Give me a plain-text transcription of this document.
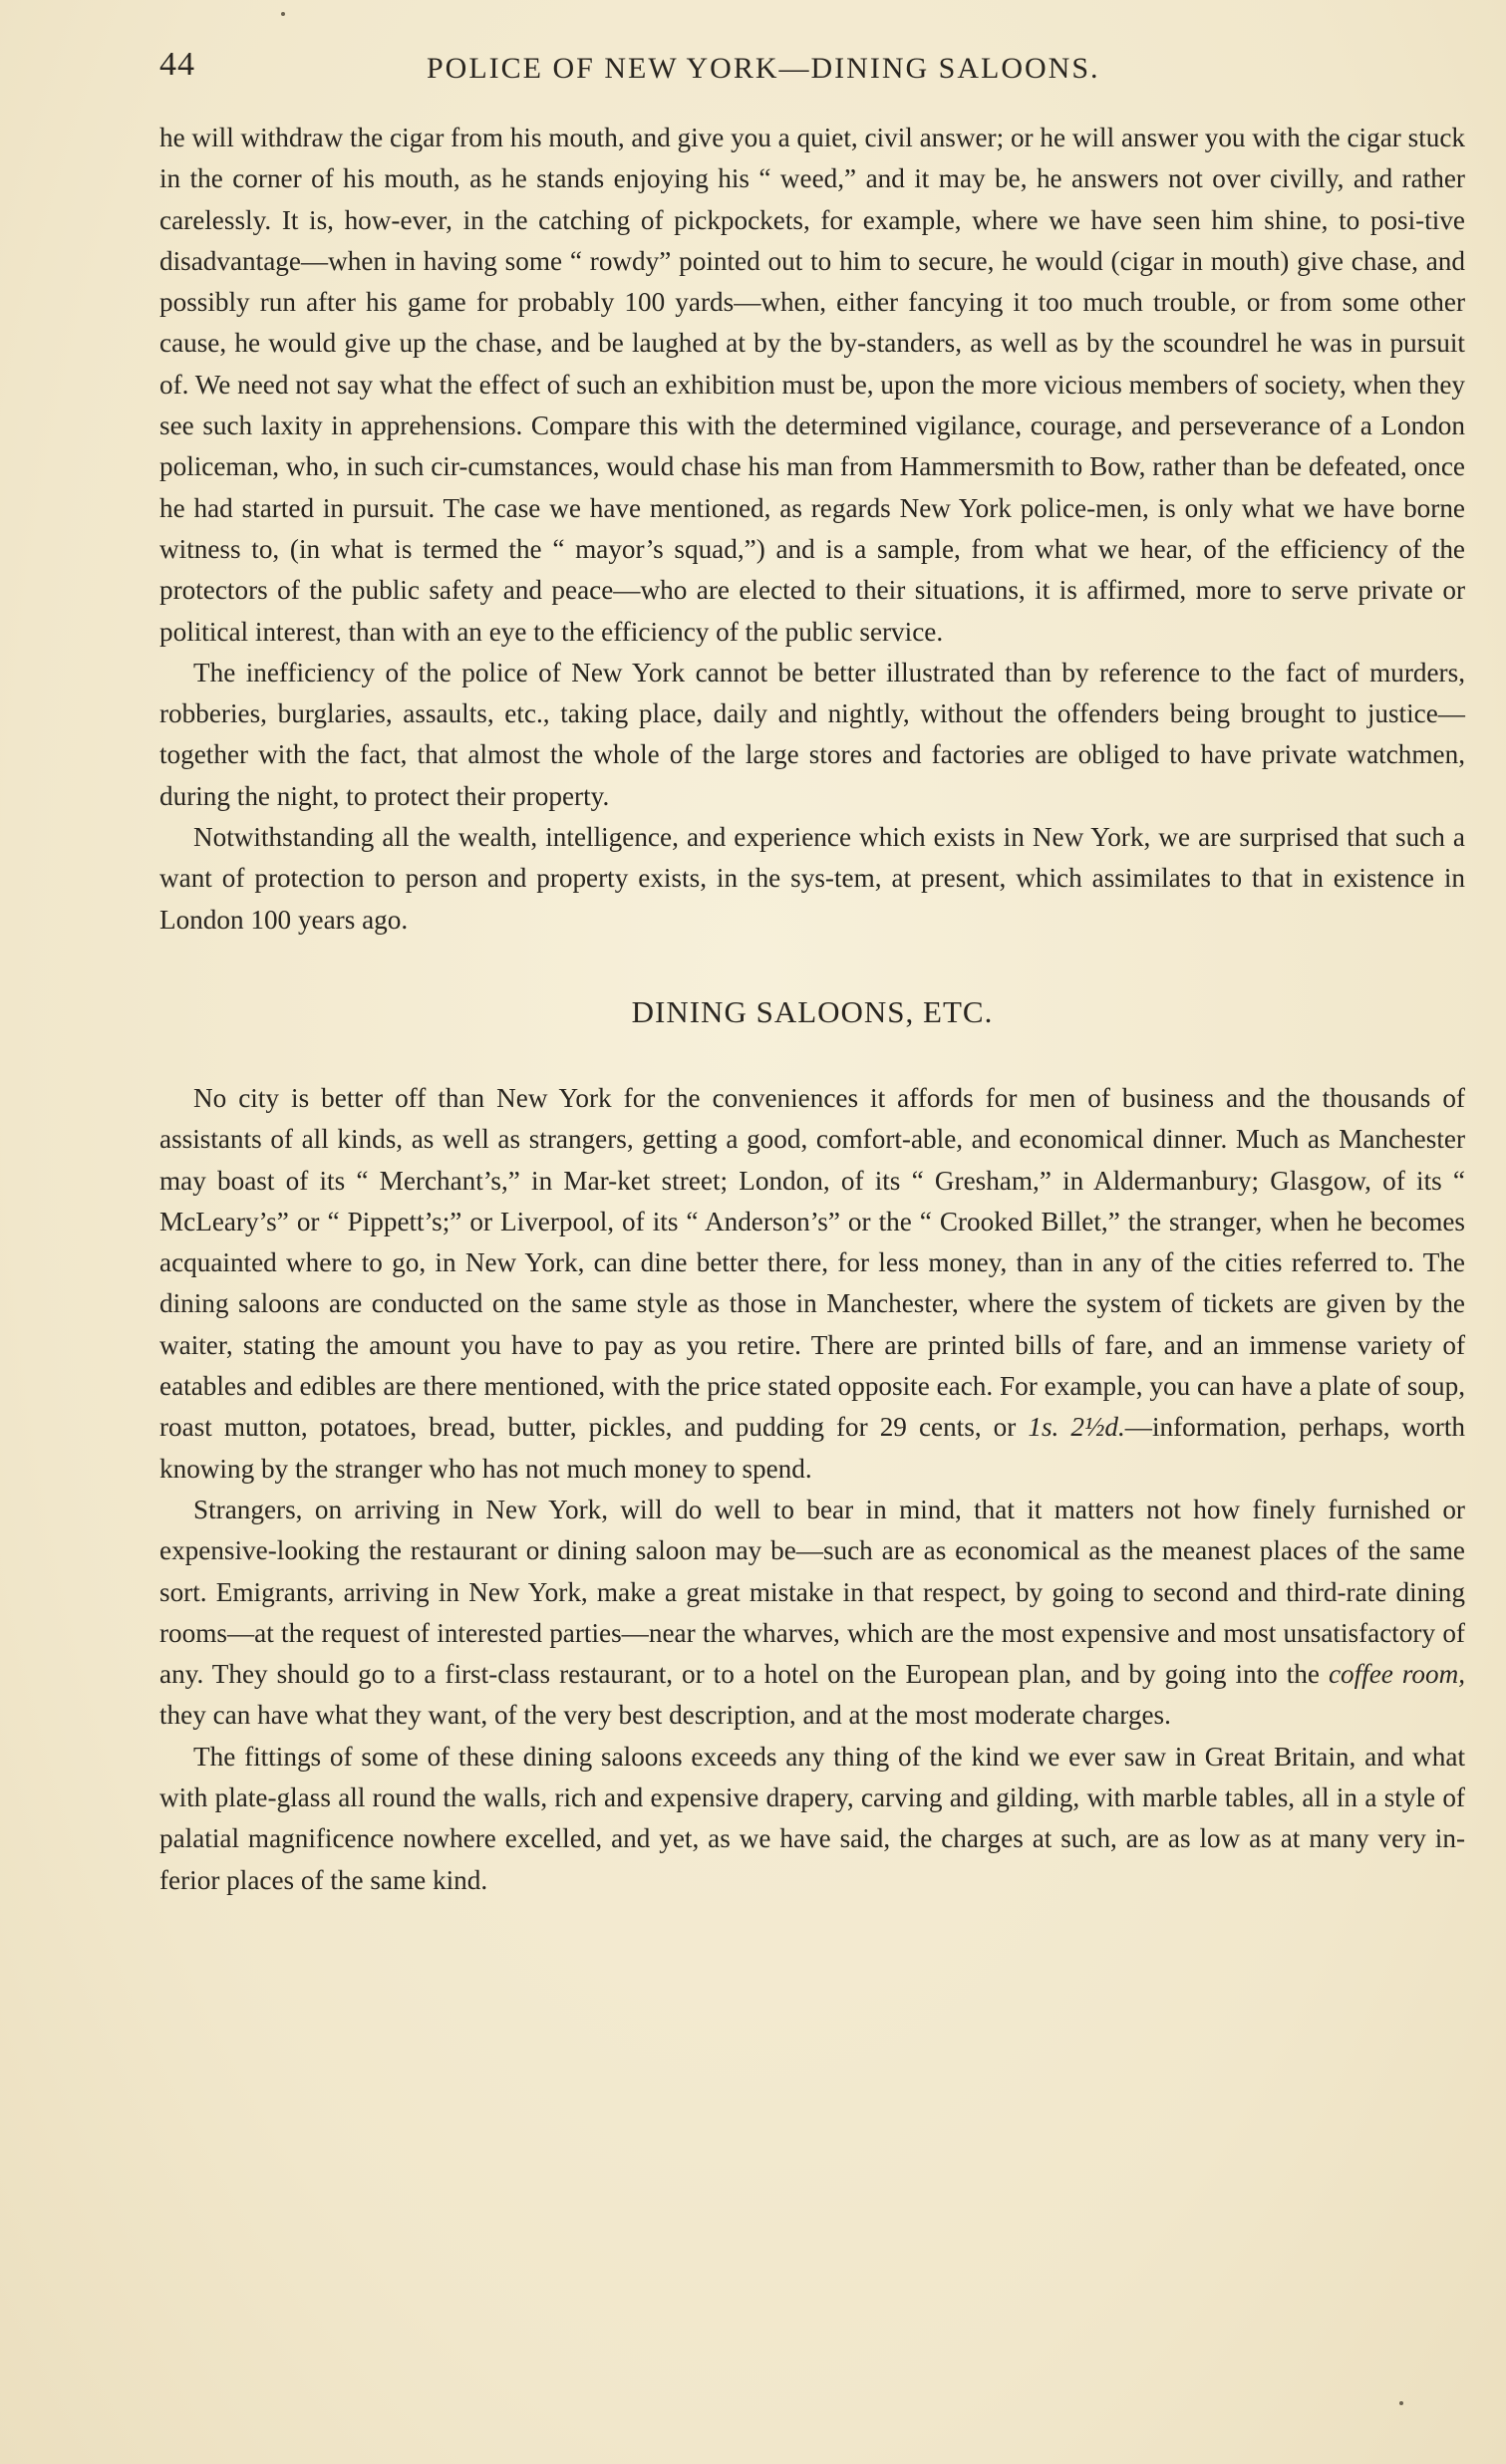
44	POLICE OF NEW YORK—DINING SALOONS.

he will withdraw the cigar from his mouth, and give you a quiet, civil answer; or he will answer you with the cigar stuck in the corner of his mouth, as he stands enjoying his “ weed,” and it may be, he answers not over civilly, and rather carelessly. It is, how-ever, in the catching of pickpockets, for example, where we have seen him shine, to posi-tive disadvantage—when in having some “ rowdy” pointed out to him to secure, he would (cigar in mouth) give chase, and possibly run after his game for probably 100 yards—when, either fancying it too much trouble, or from some other cause, he would give up the chase, and be laughed at by the by-standers, as well as by the scoundrel he was in pursuit of. We need not say what the effect of such an exhibition must be, upon the more vicious members of society, when they see such laxity in apprehensions. Compare this with the determined vigilance, courage, and perseverance of a London policeman, who, in such cir-cumstances, would chase his man from Hammersmith to Bow, rather than be defeated, once he had started in pursuit. The case we have mentioned, as regards New York police-men, is only what we have borne witness to, (in what is termed the “ mayor’s squad,”) and is a sample, from what we hear, of the efficiency of the protectors of the public safety and peace—who are elected to their situations, it is affirmed, more to serve private or political interest, than with an eye to the efficiency of the public service.

The inefficiency of the police of New York cannot be better illustrated than by reference to the fact of murders, robberies, burglaries, assaults, etc., taking place, daily and nightly, without the offenders being brought to justice—together with the fact, that almost the whole of the large stores and factories are obliged to have private watchmen, during the night, to protect their property.

Notwithstanding all the wealth, intelligence, and experience which exists in New York, we are surprised that such a want of protection to person and property exists, in the sys-tem, at present, which assimilates to that in existence in London 100 years ago.

DINING SALOONS, ETC.

No city is better off than New York for the conveniences it affords for men of business and the thousands of assistants of all kinds, as well as strangers, getting a good, comfort-able, and economical dinner. Much as Manchester may boast of its “ Merchant’s,” in Mar-ket street; London, of its “ Gresham,” in Aldermanbury; Glasgow, of its “ McLeary’s” or “ Pippett’s;” or Liverpool, of its “ Anderson’s” or the “ Crooked Billet,” the stranger, when he becomes acquainted where to go, in New York, can dine better there, for less money, than in any of the cities referred to. The dining saloons are conducted on the same style as those in Manchester, where the system of tickets are given by the waiter, stating the amount you have to pay as you retire. There are printed bills of fare, and an immense variety of eatables and edibles are there mentioned, with the price stated opposite each. For example, you can have a plate of soup, roast mutton, potatoes, bread, butter, pickles, and pudding for 29 cents, or 1s. 2½d.—information, perhaps, worth knowing by the stranger who has not much money to spend.

Strangers, on arriving in New York, will do well to bear in mind, that it matters not how finely furnished or expensive-looking the restaurant or dining saloon may be—such are as economical as the meanest places of the same sort. Emigrants, arriving in New York, make a great mistake in that respect, by going to second and third-rate dining rooms—at the request of interested parties—near the wharves, which are the most expensive and most unsatisfactory of any. They should go to a first-class restaurant, or to a hotel on the European plan, and by going into the coffee room, they can have what they want, of the very best description, and at the most moderate charges.

The fittings of some of these dining saloons exceeds any thing of the kind we ever saw in Great Britain, and what with plate-glass all round the walls, rich and expensive drapery, carving and gilding, with marble tables, all in a style of palatial magnificence nowhere excelled, and yet, as we have said, the charges at such, are as low as at many very in-ferior places of the same kind.
